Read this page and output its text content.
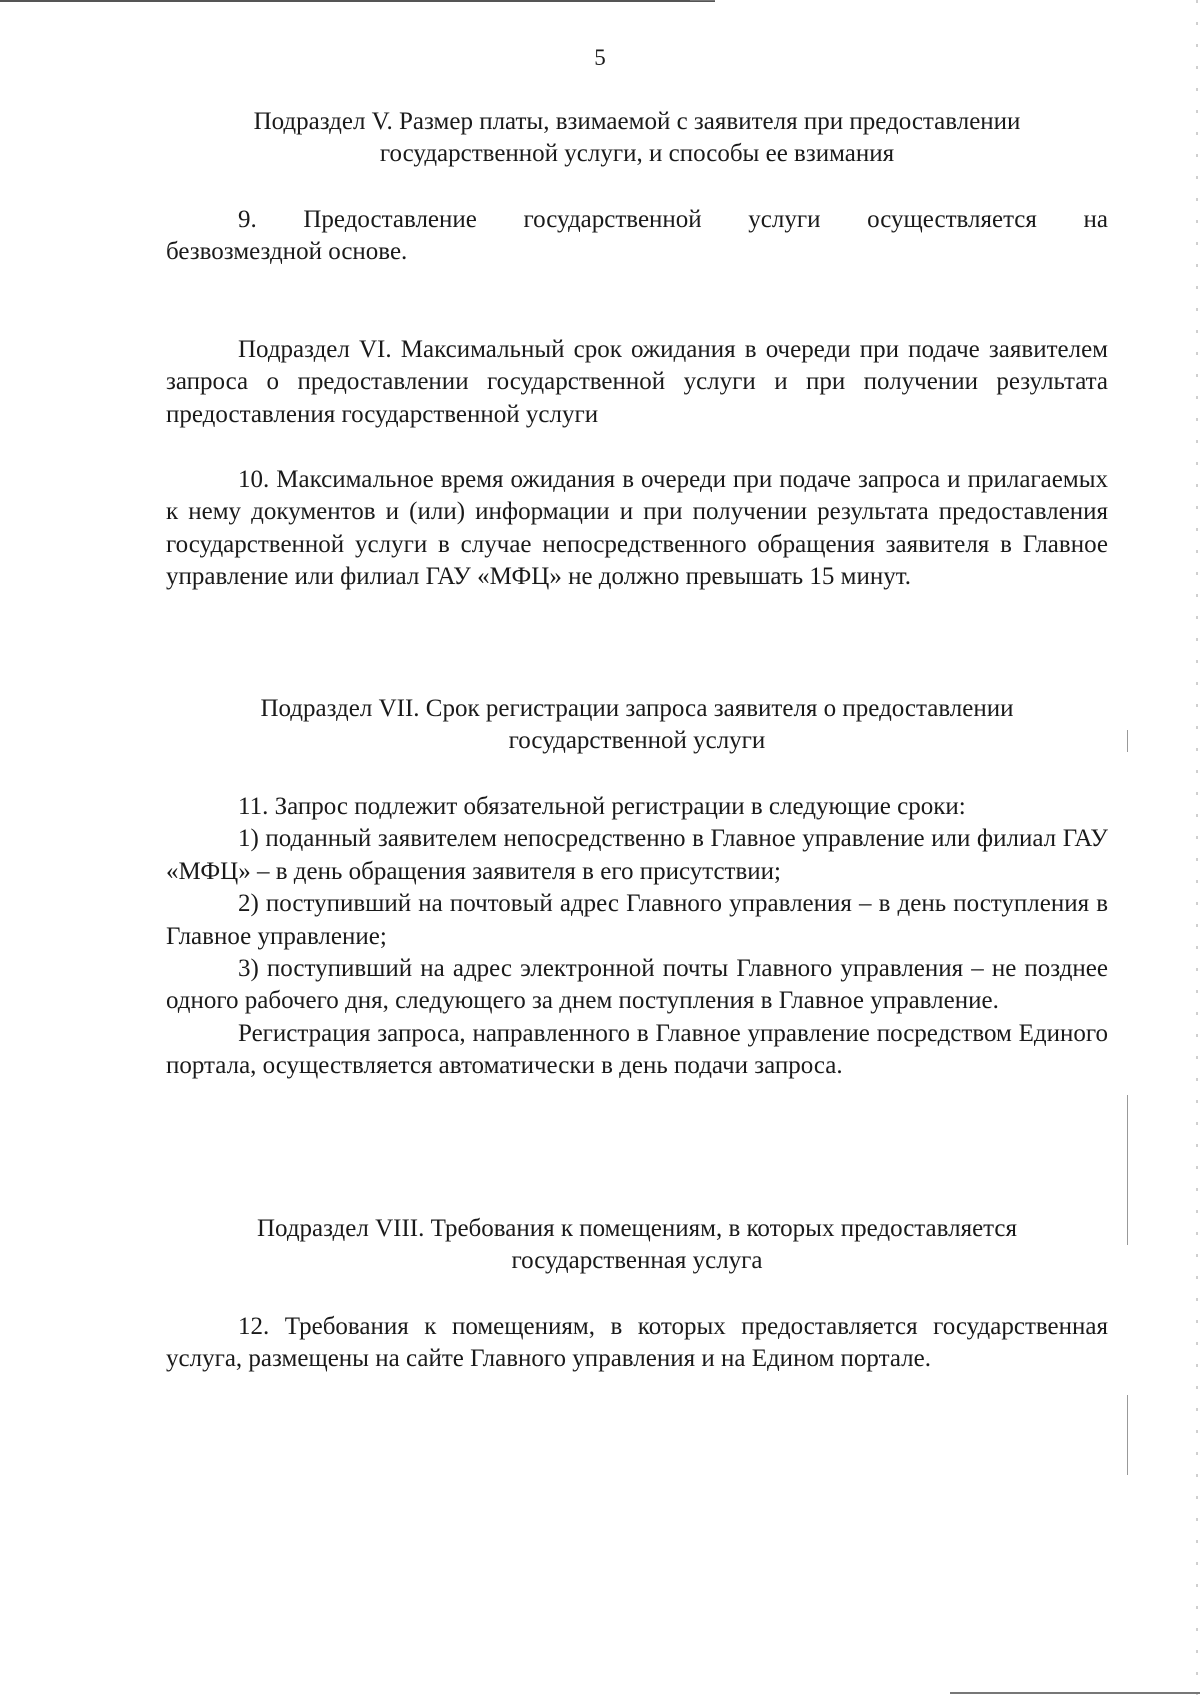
5
Подраздел V. Размер платы, взимаемой с заявителя при предоставлении
государственной услуги, и способы ее взимания
9. Предоставление государственной услуги осуществляется на
безвозмездной основе.
Подраздел VI. Максимальный срок ожидания в очереди при подаче заявителем запроса о предоставлении государственной услуги и при получении результата предоставления государственной услуги
10. Максимальное время ожидания в очереди при подаче запроса и прилагаемых к нему документов и (или) информации и при получении результата предоставления государственной услуги в случае непосредственного обращения заявителя в Главное управление или филиал ГАУ «МФЦ» не должно превышать 15 минут.
Подраздел VII. Срок регистрации запроса заявителя о предоставлении
государственной услуги

11. Запрос подлежит обязательной регистрации в следующие сроки:

1) поданный заявителем непосредственно в Главное управление или филиал ГАУ «МФЦ» – в день обращения заявителя в его присутствии;

2) поступивший на почтовый адрес Главного управления – в день поступления в Главное управление;

3) поступивший на адрес электронной почты Главного управления – не позднее одного рабочего дня, следующего за днем поступления в Главное управление.

Регистрация запроса, направленного в Главное управление посредством Единого портала, осуществляется автоматически в день подачи запроса.

Подраздел VIII. Требования к помещениям, в которых предоставляется
государственная услуга
12. Требования к помещениям, в которых предоставляется государственная услуга, размещены на сайте Главного управления и на Едином портале.
